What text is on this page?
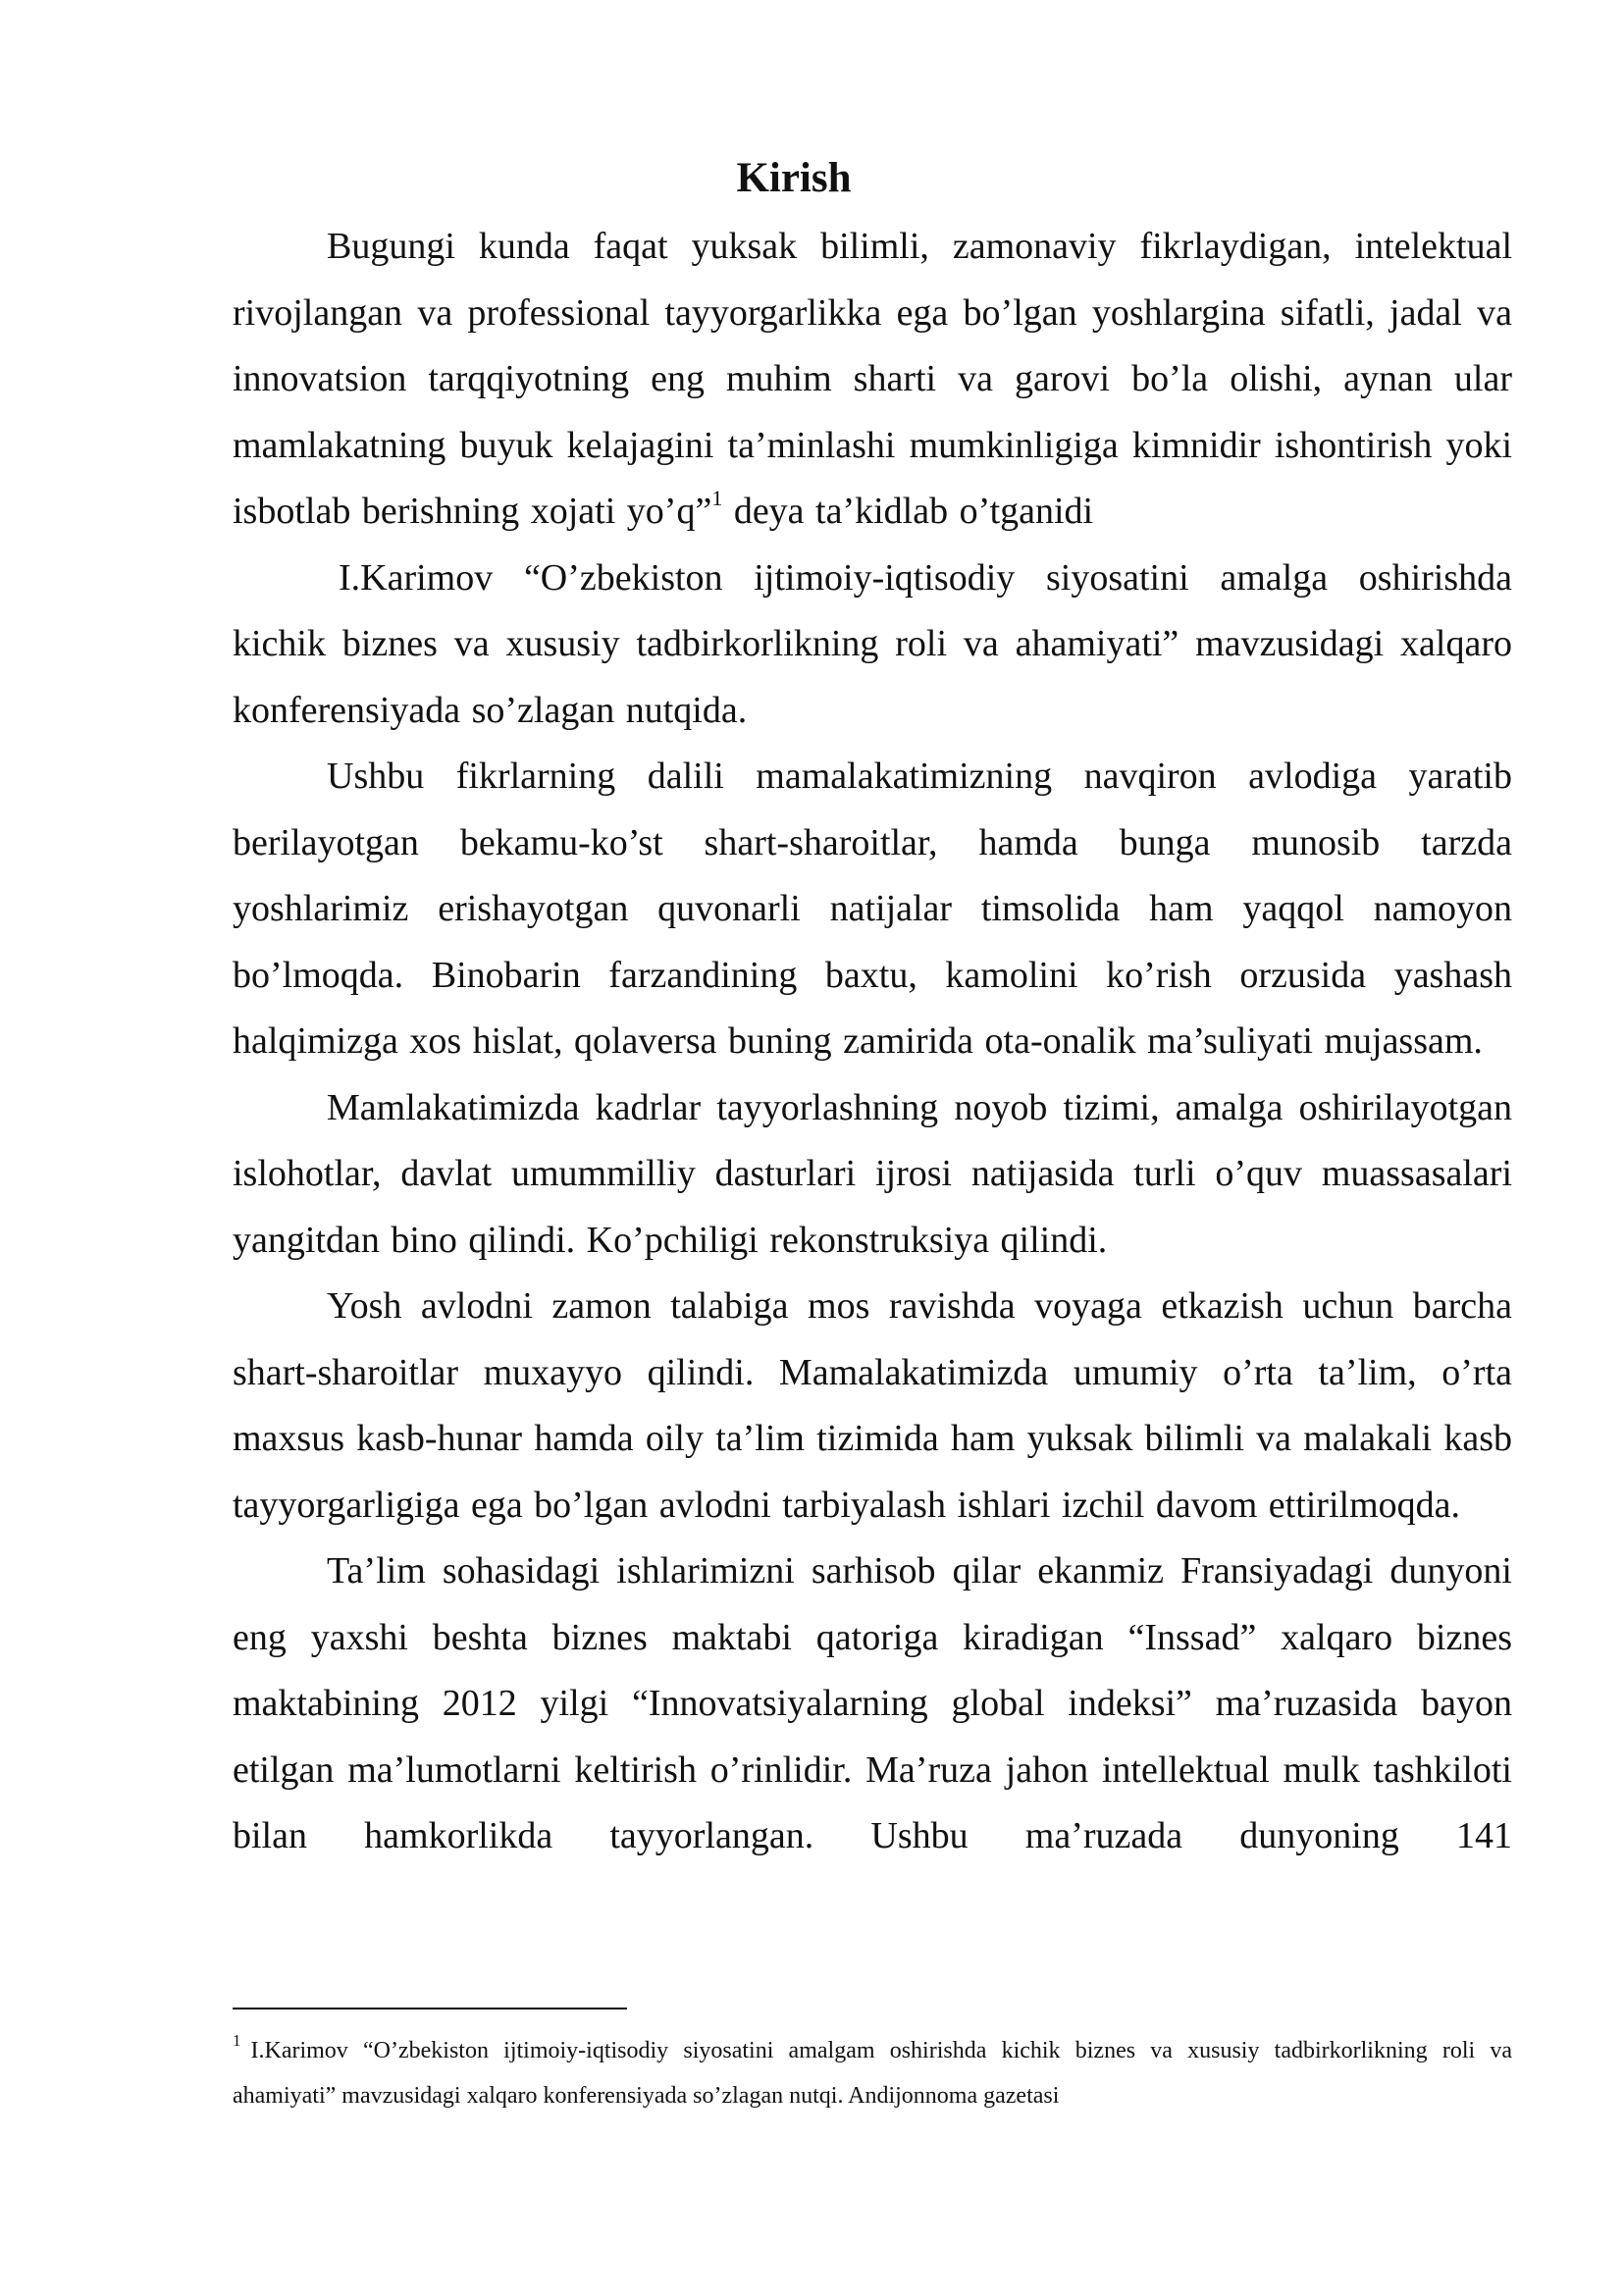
Kirish

Bugungi kunda faqat yuksak bilimli, zamonaviy fikrlaydigan, intelektual rivojlangan va professional tayyorgarlikka ega bo’lgan yoshlargina sifatli, jadal va innovatsion tarqqiyotning eng muhim sharti va garovi bo’la olishi, aynan ular mamlakatning buyuk kelajagini ta’minlashi mumkinligiga kimnidir ishontirish yoki isbotlab berishning xojati yo’q”$^1$ deya ta’kidlab o’tganidi

I.Karimov “O’zbekiston ijtimoiy-iqtisodiy siyosatini amalga oshirishda kichik biznes va xususiy tadbirkorlikning roli va ahamiyati” mavzusidagi xalqaro konferensiyada so’zlagan nutqida.

Ushbu fikrlarning dalili mamalakatimizning navqiron avlodiga yaratib berilayotgan bekamu-ko’st shart-sharoitlar, hamda bunga munosib tarzda yoshlarimiz erishayotgan quvonarli natijalar timsolida ham yaqqol namoyon bo’lmoqda. Binobarin farzandining baxtu, kamolini ko’rish orzusida yashash halqimizga xos hislat, qolaversa buning zamirida ota-onalik ma’suliyati mujassam.

Mamlakatimizda kadrlar tayyorlashning noyob tizimi, amalga oshirilayotgan islohotlar, davlat umummilliy dasturlari ijrosi natijasida turli o’quv muassasalari yangitdan bino qilindi. Ko’pchiligi rekonstruksiya qilindi.

Yosh avlodni zamon talabiga mos ravishda voyaga etkazish uchun barcha shart-sharoitlar muxayyo qilindi. Mamalakatimizda umumiy o’rta ta’lim, o’rta maxsus kasb-hunar hamda oily ta’lim tizimida ham yuksak bilimli va malakali kasb tayyorgarligiga ega bo’lgan avlodni tarbiyalash ishlari izchil davom ettirilmoqda.

Ta’lim sohasidagi ishlarimizni sarhisob qilar ekanmiz Fransiyadagi dunyoni eng yaxshi beshta biznes maktabi qatoriga kiradigan “Inssad” xalqaro biznes maktabining 2012 yilgi “Innovatsiyalarning global indeksi” ma’ruzasida bayon etilgan ma’lumotlarni keltirish o’rinlidir. Ma’ruza jahon intellektual mulk tashkiloti bilan hamkorlikda tayyorlangan. Ushbu ma’ruzada dunyoning 141

$^1$ I.Karimov “O’zbekiston ijtimoiy-iqtisodiy siyosatini amalgam oshirishda kichik biznes va xususiy tadbirkorlikning roli va ahamiyati” mavzusidagi xalqaro konferensiyada so’zlagan nutqi. Andijonnoma gazetasi
